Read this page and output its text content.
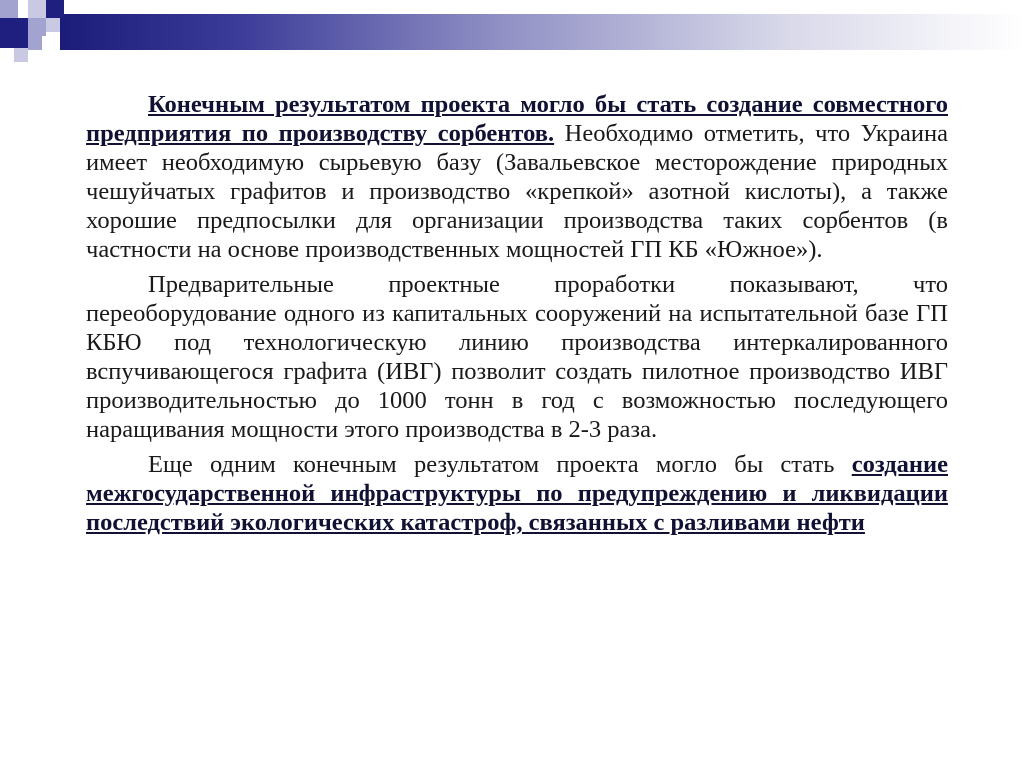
Конечным результатом проекта могло бы стать создание совместного предприятия по производству сорбентов. Необходимо отметить, что Украина имеет необходимую сырьевую базу (Завальевское месторождение природных чешуйчатых графитов и производство «крепкой» азотной кислоты), а также хорошие предпосылки для организации производства таких сорбентов (в частности на основе производственных мощностей ГП КБ «Южное»).

Предварительные проектные проработки показывают, что переоборудование одного из капитальных сооружений на испытательной базе ГП КБЮ под технологическую линию производства интеркалированного вспучивающегося графита (ИВГ) позволит создать пилотное производство ИВГ производительностью до 1000 тонн в год с возможностью последующего наращивания мощности этого производства в 2-3 раза.

Еще одним конечным результатом проекта могло бы стать создание межгосударственной инфраструктуры по предупреждению и ликвидации последствий экологических катастроф, связанных с разливами нефти
